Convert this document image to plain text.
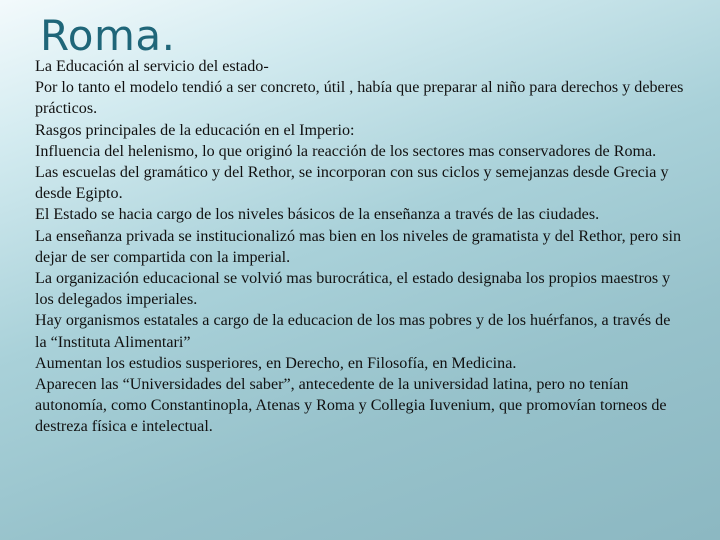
Roma.
La Educación al servicio del estado-
Por lo tanto el modelo tendió a ser concreto, útil , había que preparar al niño para derechos y deberes prácticos.
Rasgos principales de la educación en el Imperio:
Influencia del helenismo, lo que originó la reacción de los sectores mas conservadores de Roma.
Las escuelas del gramático y del Rethor, se incorporan con sus ciclos y semejanzas desde Grecia y desde Egipto.
El Estado se hacia cargo de los niveles básicos de la enseñanza a través de las ciudades.
La enseñanza privada se institucionalizó mas bien en los niveles de gramatista y del Rethor, pero sin dejar de ser compartida con la imperial.
La organización educacional se volvió mas burocrática, el estado designaba los propios maestros y los delegados imperiales.
Hay organismos estatales a cargo de la educacion de los mas pobres y de los huérfanos, a través de la “Instituta Alimentari”
Aumentan los estudios susperiores, en Derecho, en Filosofía, en Medicina.
Aparecen las “Universidades del saber”, antecedente de la universidad latina, pero no tenían autonomía, como Constantinopla, Atenas y Roma y Collegia Iuvenium, que promovían torneos de destreza física e intelectual.
